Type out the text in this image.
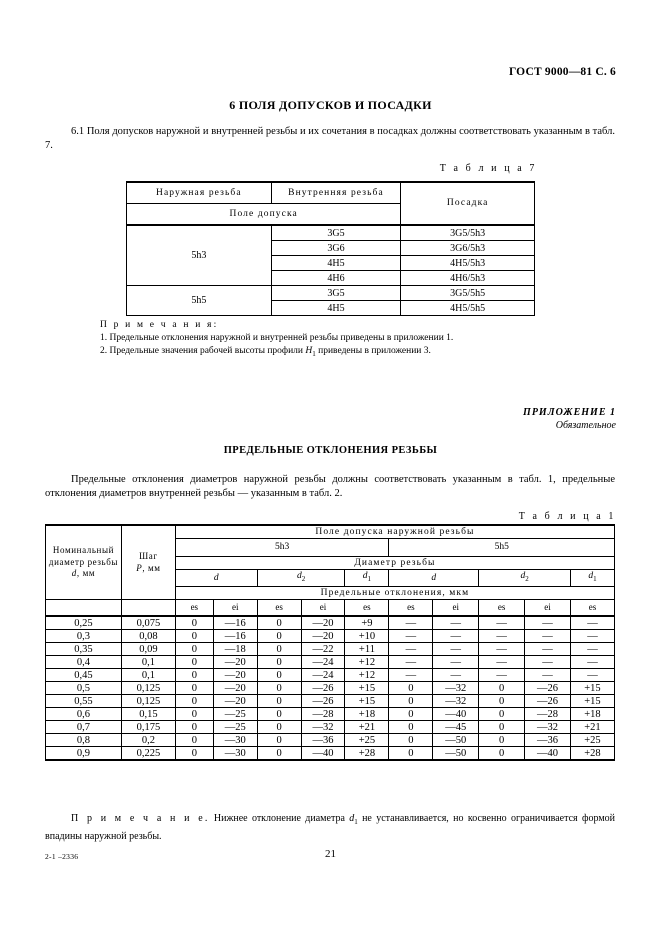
ГОСТ 9000—81 С. 6
6 ПОЛЯ ДОПУСКОВ И ПОСАДКИ
6.1 Поля допусков наружной и внутренней резьбы и их сочетания в посадках должны соответствовать указанным в табл. 7.
Т а б л и ц а 7
Наружная резьба	Внутренняя резьба	Посадка
Поле допуска		
5h3	3G5	3G5/5h3
	3G6	3G6/5h3
	4H5	4H5/5h3
	4H6	4H6/5h3
5h5	3G5	3G5/5h5
	4H5	4H5/5h5
П р и м е ч а н и я:
1. Предельные отклонения наружной и внутренней резьбы приведены в приложении 1.
2. Предельные значения рабочей высоты профили $H_1$ приведены в приложении 3.
ПРИЛОЖЕНИЕ 1
Обязательное
ПРЕДЕЛЬНЫЕ ОТКЛОНЕНИЯ РЕЗЬБЫ
Предельные отклонения диаметров наружной резьбы должны соответствовать указанным в табл. 1, предельные отклонения диаметров внутренней резьбы — указанным в табл. 2.
Т а б л и ц а 1
Номинальный
диаметр резьбы
d, мм

Шаг
P, мм
	Поле допуска наружной резьбы
		5h3					5h5				
		Диаметр резьбы									
		d		$d_2$		$d_1$	d		$d_2$		$d_1$
		Предельные отклонения, мкм									
		es	ei	es	ei	es	es	ei	es	ei	es
0,25	0,075	0	—16	0	—20	+9	—	—	—	—	—
0,3	0,08	0	—16	0	—20	+10	—	—	—	—	—
0,35	0,09	0	—18	0	—22	+11	—	—	—	—	—
0,4	0,1	0	—20	0	—24	+12	—	—	—	—	—
0,45	0,1	0	—20	0	—24	+12	—	—	—	—	—
0,5	0,125	0	—20	0	—26	+15	0	—32	0	—26	+15
0,55	0,125	0	—20	0	—26	+15	0	—32	0	—26	+15
0,6	0,15	0	—25	0	—28	+18	0	—40	0	—28	+18
0,7	0,175	0	—25	0	—32	+21	0	—45	0	—32	+21
0,8	0,2	0	—30	0	—36	+25	0	—50	0	—36	+25
0,9	0,225	0	—30	0	—40	+28	0	—50	0	—40	+28
П р и м е ч а н и е. Нижнее отклонение диаметра $d_1$ не устанавливается, но косвенно ограничивается формой впадины наружной резьбы.
2-1 –2336	21
